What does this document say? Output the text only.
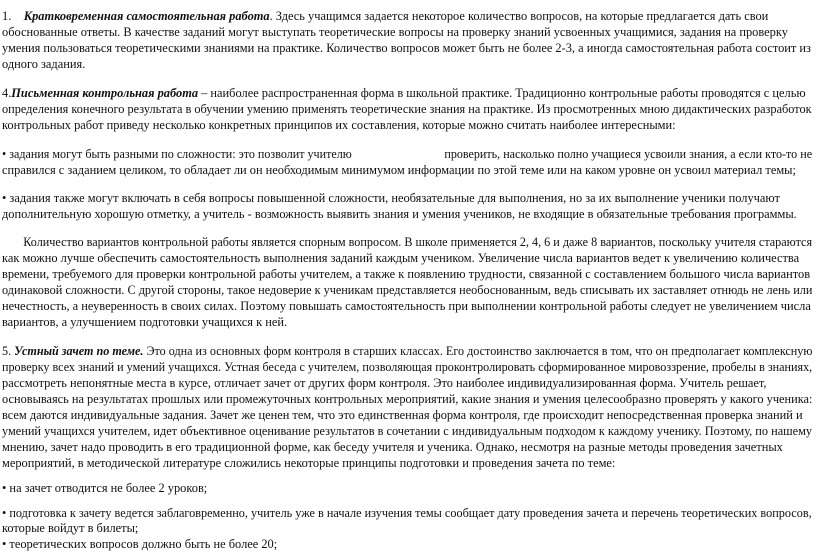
1. Кратковременная самостоятельная работа. Здесь учащимся задается некоторое количество вопросов, на которые предлагается дать свои
обоснованные ответы. В качестве заданий могут выступать теоретические вопросы на проверку знаний усвоенных учащимися, задания на проверку
умения пользоваться теоретическими знаниями на практике. Количество вопросов может быть не более 2-3, а иногда самостоятельная работа состоит из
одного задания.
4.Письменная контрольная работа – наиболее распространенная форма в школьной практике. Традиционно контрольные работы проводятся с целью
определения конечного результата в обучении умению применять теоретические знания на практике. Из просмотренных мною дидактических разработок
контрольных работ приведу несколько конкретных принципов их составления, которые можно считать наиболее интересными:
• задания могут быть разными по сложности: это позволит учителю	проверить, насколько полно учащиеся усвоили знания, а если кто-то не
справился с заданием целиком, то обладает ли он необходимым минимумом информации по этой теме или на каком уровне он усвоил материал темы;
• задания также могут включать в себя вопросы повышенной сложности, необязательные для выполнения, но за их выполнение ученики получают
дополнительную хорошую отметку, а учитель - возможность выявить знания и умения учеников, не входящие в обязательные требования программы.
Количество вариантов контрольной работы является спорным вопросом. В школе применяется 2, 4, 6 и даже 8 вариантов, поскольку учителя стараются
как можно лучше обеспечить самостоятельность выполнения заданий каждым учеником. Увеличение числа вариантов ведет к увеличению количества
времени, требуемого для проверки контрольной работы учителем, а также к появлению трудности, связанной с составлением большого числа вариантов
одинаковой сложности. С другой стороны, такое недоверие к ученикам представляется необоснованным, ведь списывать их заставляет отнюдь не лень или
нечестность, а неуверенность в своих силах. Поэтому повышать самостоятельность при выполнении контрольной работы следует не увеличением числа
вариантов, а улучшением подготовки учащихся к ней.
5. Устный зачет по теме. Это одна из основных форм контроля в старших классах. Его достоинство заключается в том, что он предполагает комплексную
проверку всех знаний и умений учащихся. Устная беседа с учителем, позволяющая проконтролировать сформированное мировоззрение, пробелы в знаниях,
рассмотреть непонятные места в курсе, отличает зачет от других форм контроля. Это наиболее индивидуализированная форма. Учитель решает,
основываясь на результатах прошлых или промежуточных контрольных мероприятий, какие знания и умения целесообразно проверять у какого ученика:
всем даются индивидуальные задания. Зачет же ценен тем, что это единственная форма контроля, где происходит непосредственная проверка знаний и
умений учащихся учителем, идет объективное оценивание результатов в сочетании с индивидуальным подходом к каждому ученику. Поэтому, по нашему
мнению, зачет надо проводить в его традиционной форме, как беседу учителя и ученика. Однако, несмотря на разные методы проведения зачетных
мероприятий, в методической литературе сложились некоторые принципы подготовки и проведения зачета по теме:
• на зачет отводится не более 2 уроков;
• подготовка к зачету ведется заблаговременно, учитель уже в начале изучения темы сообщает дату проведения зачета и перечень теоретических вопросов,
которые войдут в билеты;
• теоретических вопросов должно быть не более 20;
